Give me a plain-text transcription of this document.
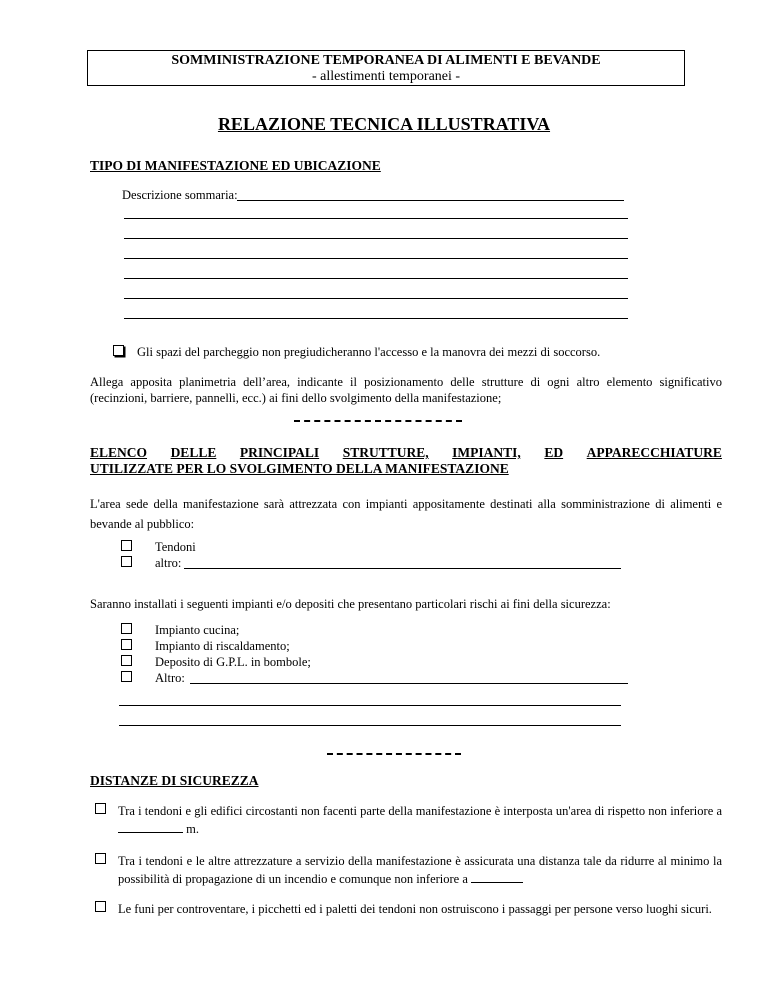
SOMMINISTRAZIONE TEMPORANEA DI ALIMENTI E BEVANDE
- allestimenti temporanei -
RELAZIONE TECNICA ILLUSTRATIVA
TIPO DI MANIFESTAZIONE ED UBICAZIONE
Descrizione sommaria:
Gli spazi del parcheggio non pregiudicheranno l'accesso e la manovra dei mezzi di soccorso.
Allega apposita planimetria dell’area, indicante il posizionamento delle strutture di ogni altro elemento significativo (recinzioni, barriere, pannelli, ecc.) ai fini dello svolgimento della manifestazione;
ELENCO DELLE PRINCIPALI STRUTTURE, IMPIANTI, ED APPARECCHIATURE
UTILIZZATE PER LO SVOLGIMENTO DELLA MANIFESTAZIONE
L'area sede della manifestazione sarà attrezzata con impianti appositamente destinati alla somministrazione di alimenti e bevande al pubblico:
Tendoni
altro:
Saranno installati i seguenti impianti e/o depositi che presentano particolari rischi ai fini della sicurezza:
Impianto cucina;
Impianto di riscaldamento;
Deposito di G.P.L. in bombole;
Altro:
DISTANZE DI SICUREZZA
Tra i tendoni e gli edifici circostanti non facenti parte della manifestazione è interposta un'area di rispetto non inferiore a  m.
Tra i tendoni e le altre attrezzature a servizio della manifestazione è assicurata una distanza tale da ridurre al minimo la possibilità di propagazione di un incendio e comunque non inferiore a
Le funi per controventare, i picchetti ed i paletti dei tendoni non ostruiscono i passaggi per persone verso luoghi sicuri.
